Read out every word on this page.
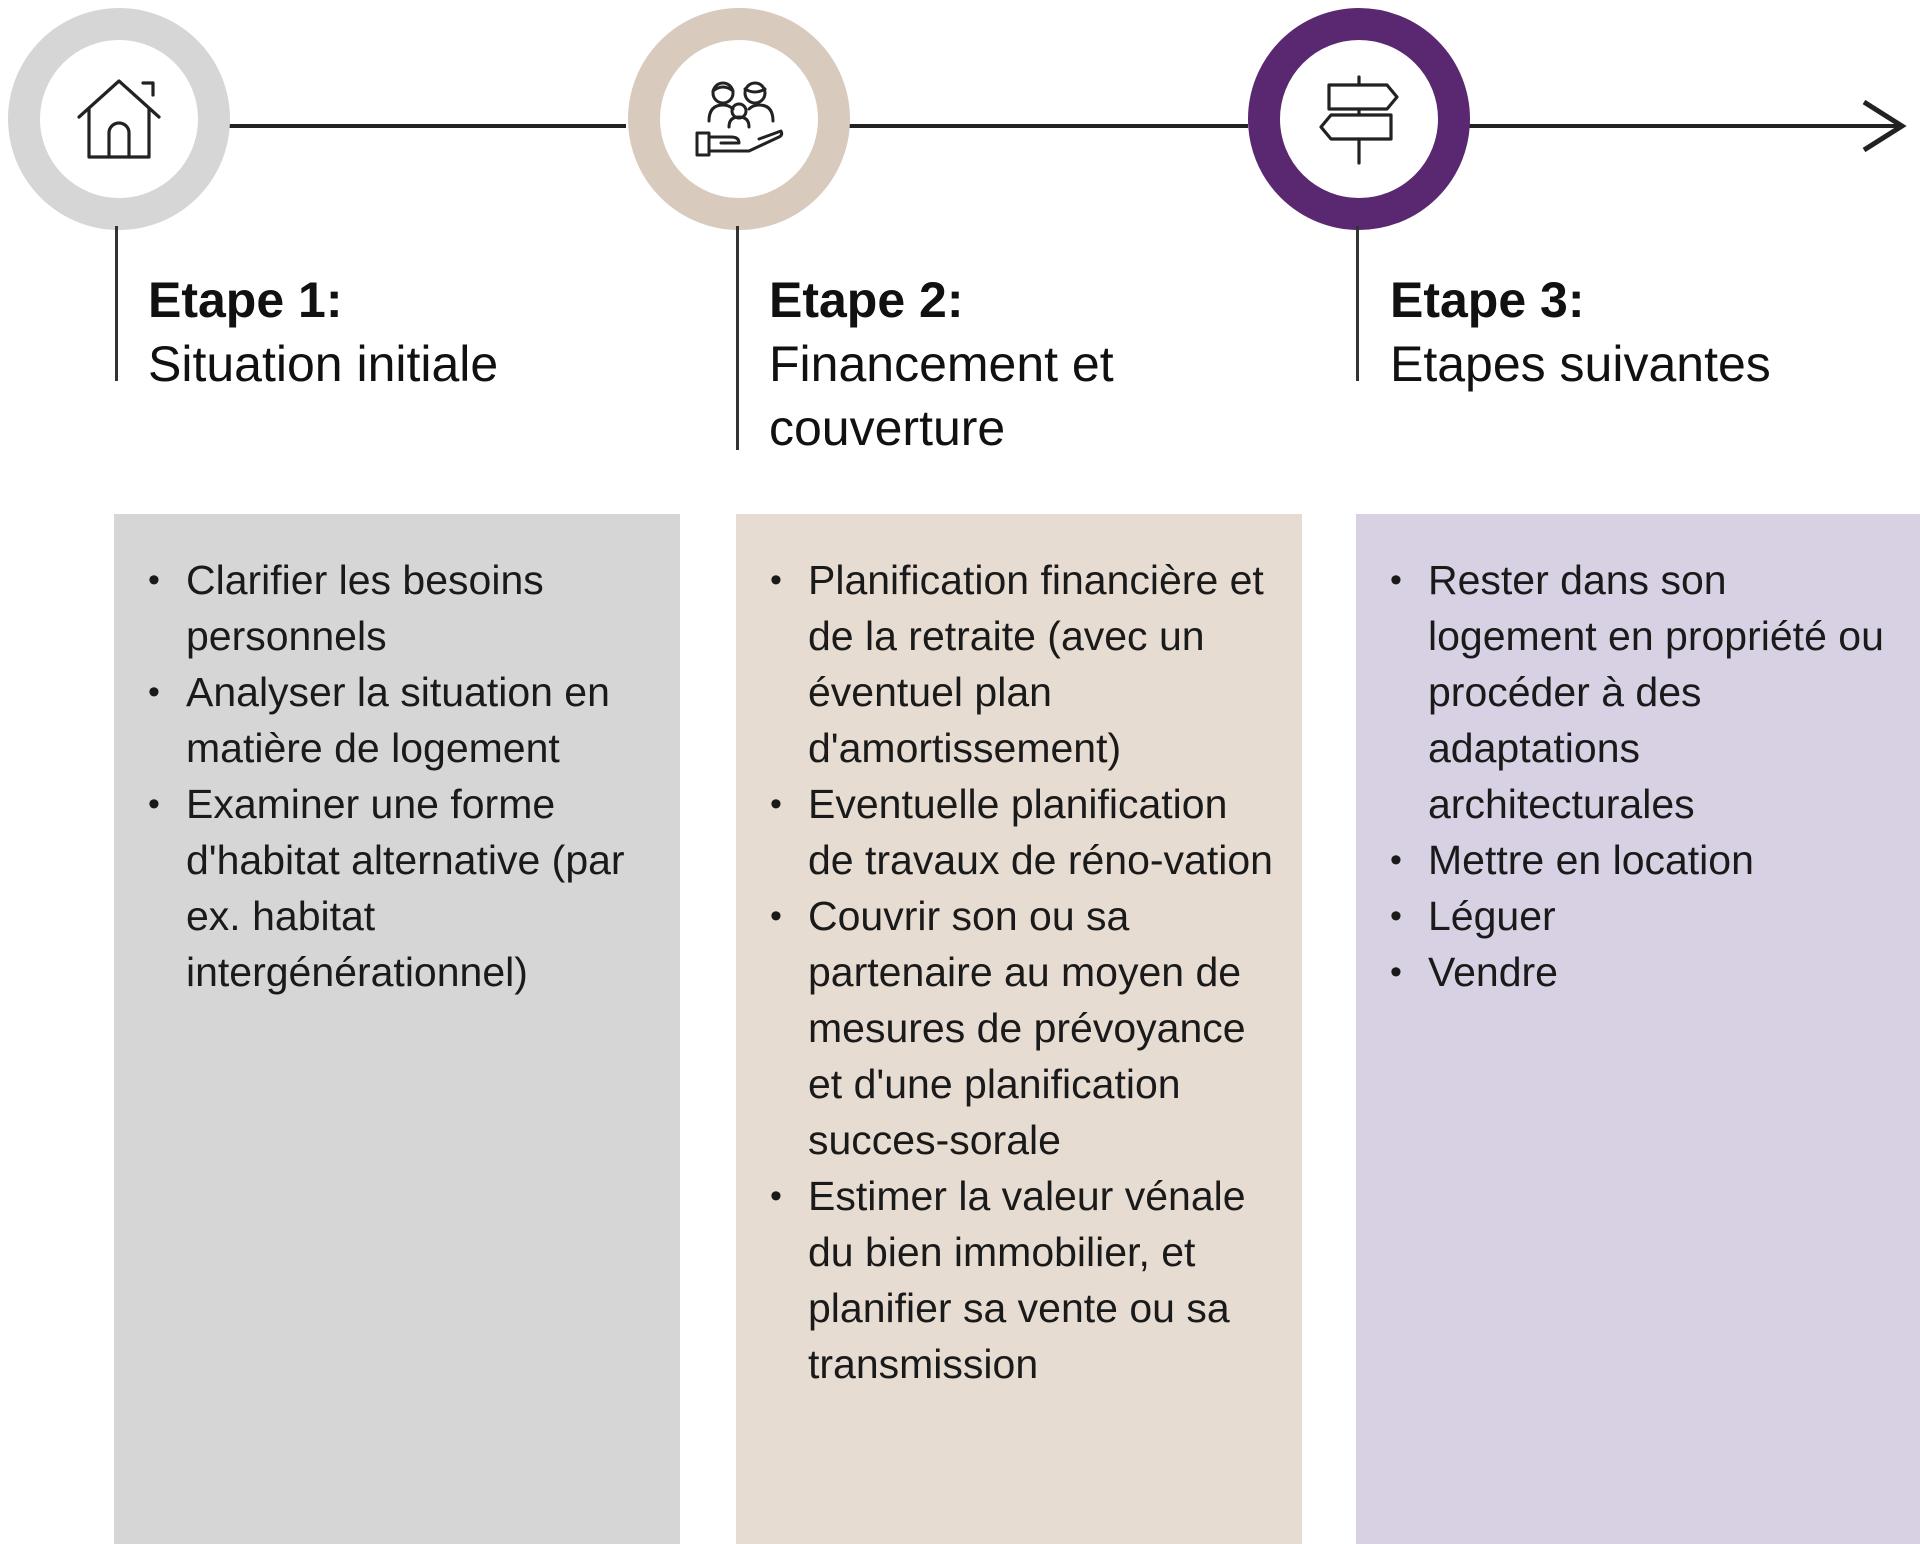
Etape 1:
Situation initiale
• Clarifier les besoins personnels
• Analyser la situation en matière de logement
• Examiner une forme d'habitat alternative (par ex. habitat intergénérationnel)
Etape 2:
Financement et couverture
• Planification financière et de la retraite (avec un éventuel plan d'amortissement)
• Eventuelle planification de travaux de réno-vation
• Couvrir son ou sa partenaire au moyen de mesures de prévoyance et d'une planification succes-sorale
• Estimer la valeur vénale du bien immobilier, et planifier sa vente ou sa transmission
Etape 3:
Etapes suivantes
• Rester dans son logement en propriété ou procéder à des adaptations architecturales
• Mettre en location
• Léguer
• Vendre
